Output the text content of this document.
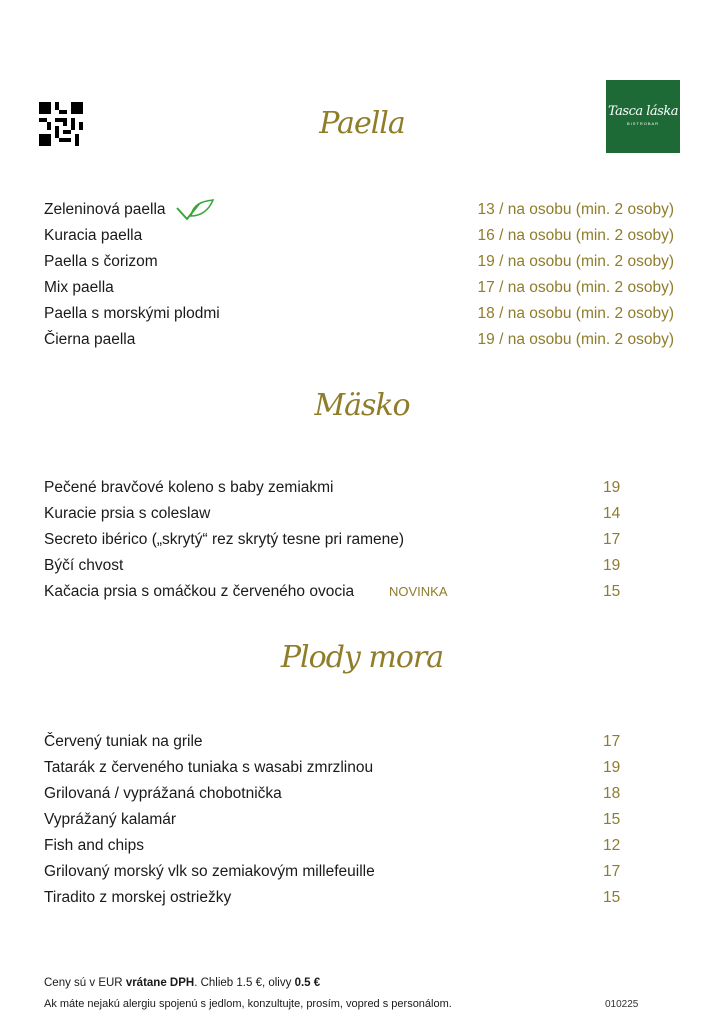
Tasca láska
BISTROBAR
Paella
Mäsko
Plody mora
Zeleninová paella	13 / na osobu (min. 2 osoby)
Kuracia paella	16 / na osobu (min. 2 osoby)
Paella s čorizom	19 / na osobu (min. 2 osoby)
Mix paella	17 / na osobu (min. 2 osoby)
Paella s morskými plodmi	18 / na osobu (min. 2 osoby)
Čierna paella	19 / na osobu (min. 2 osoby)
Pečené bravčové koleno s baby zemiakmi	19
Kuracie prsia s coleslaw	14
Secreto ibérico („skrytý“ rez skrytý tesne pri ramene)	17
Býčí chvost	19
Kačacia prsia s omáčkou z červeného ovocia	15
NOVINKA
Červený tuniak na grile	17
Tatarák z červeného tuniaka s wasabi zmrzlinou	19
Grilovaná / vyprážaná chobotnička	18
Vyprážaný kalamár	15
Fish and chips	12
Grilovaný morský vlk so zemiakovým millefeuille	17
Tiradito z morskej ostriežky	15
Ceny sú v EUR vrátane DPH. Chlieb 1.5 €, olivy 0.5 €
Ak máte nejakú alergiu spojenú s jedlom, konzultujte, prosím, vopred s personálom.	010225
